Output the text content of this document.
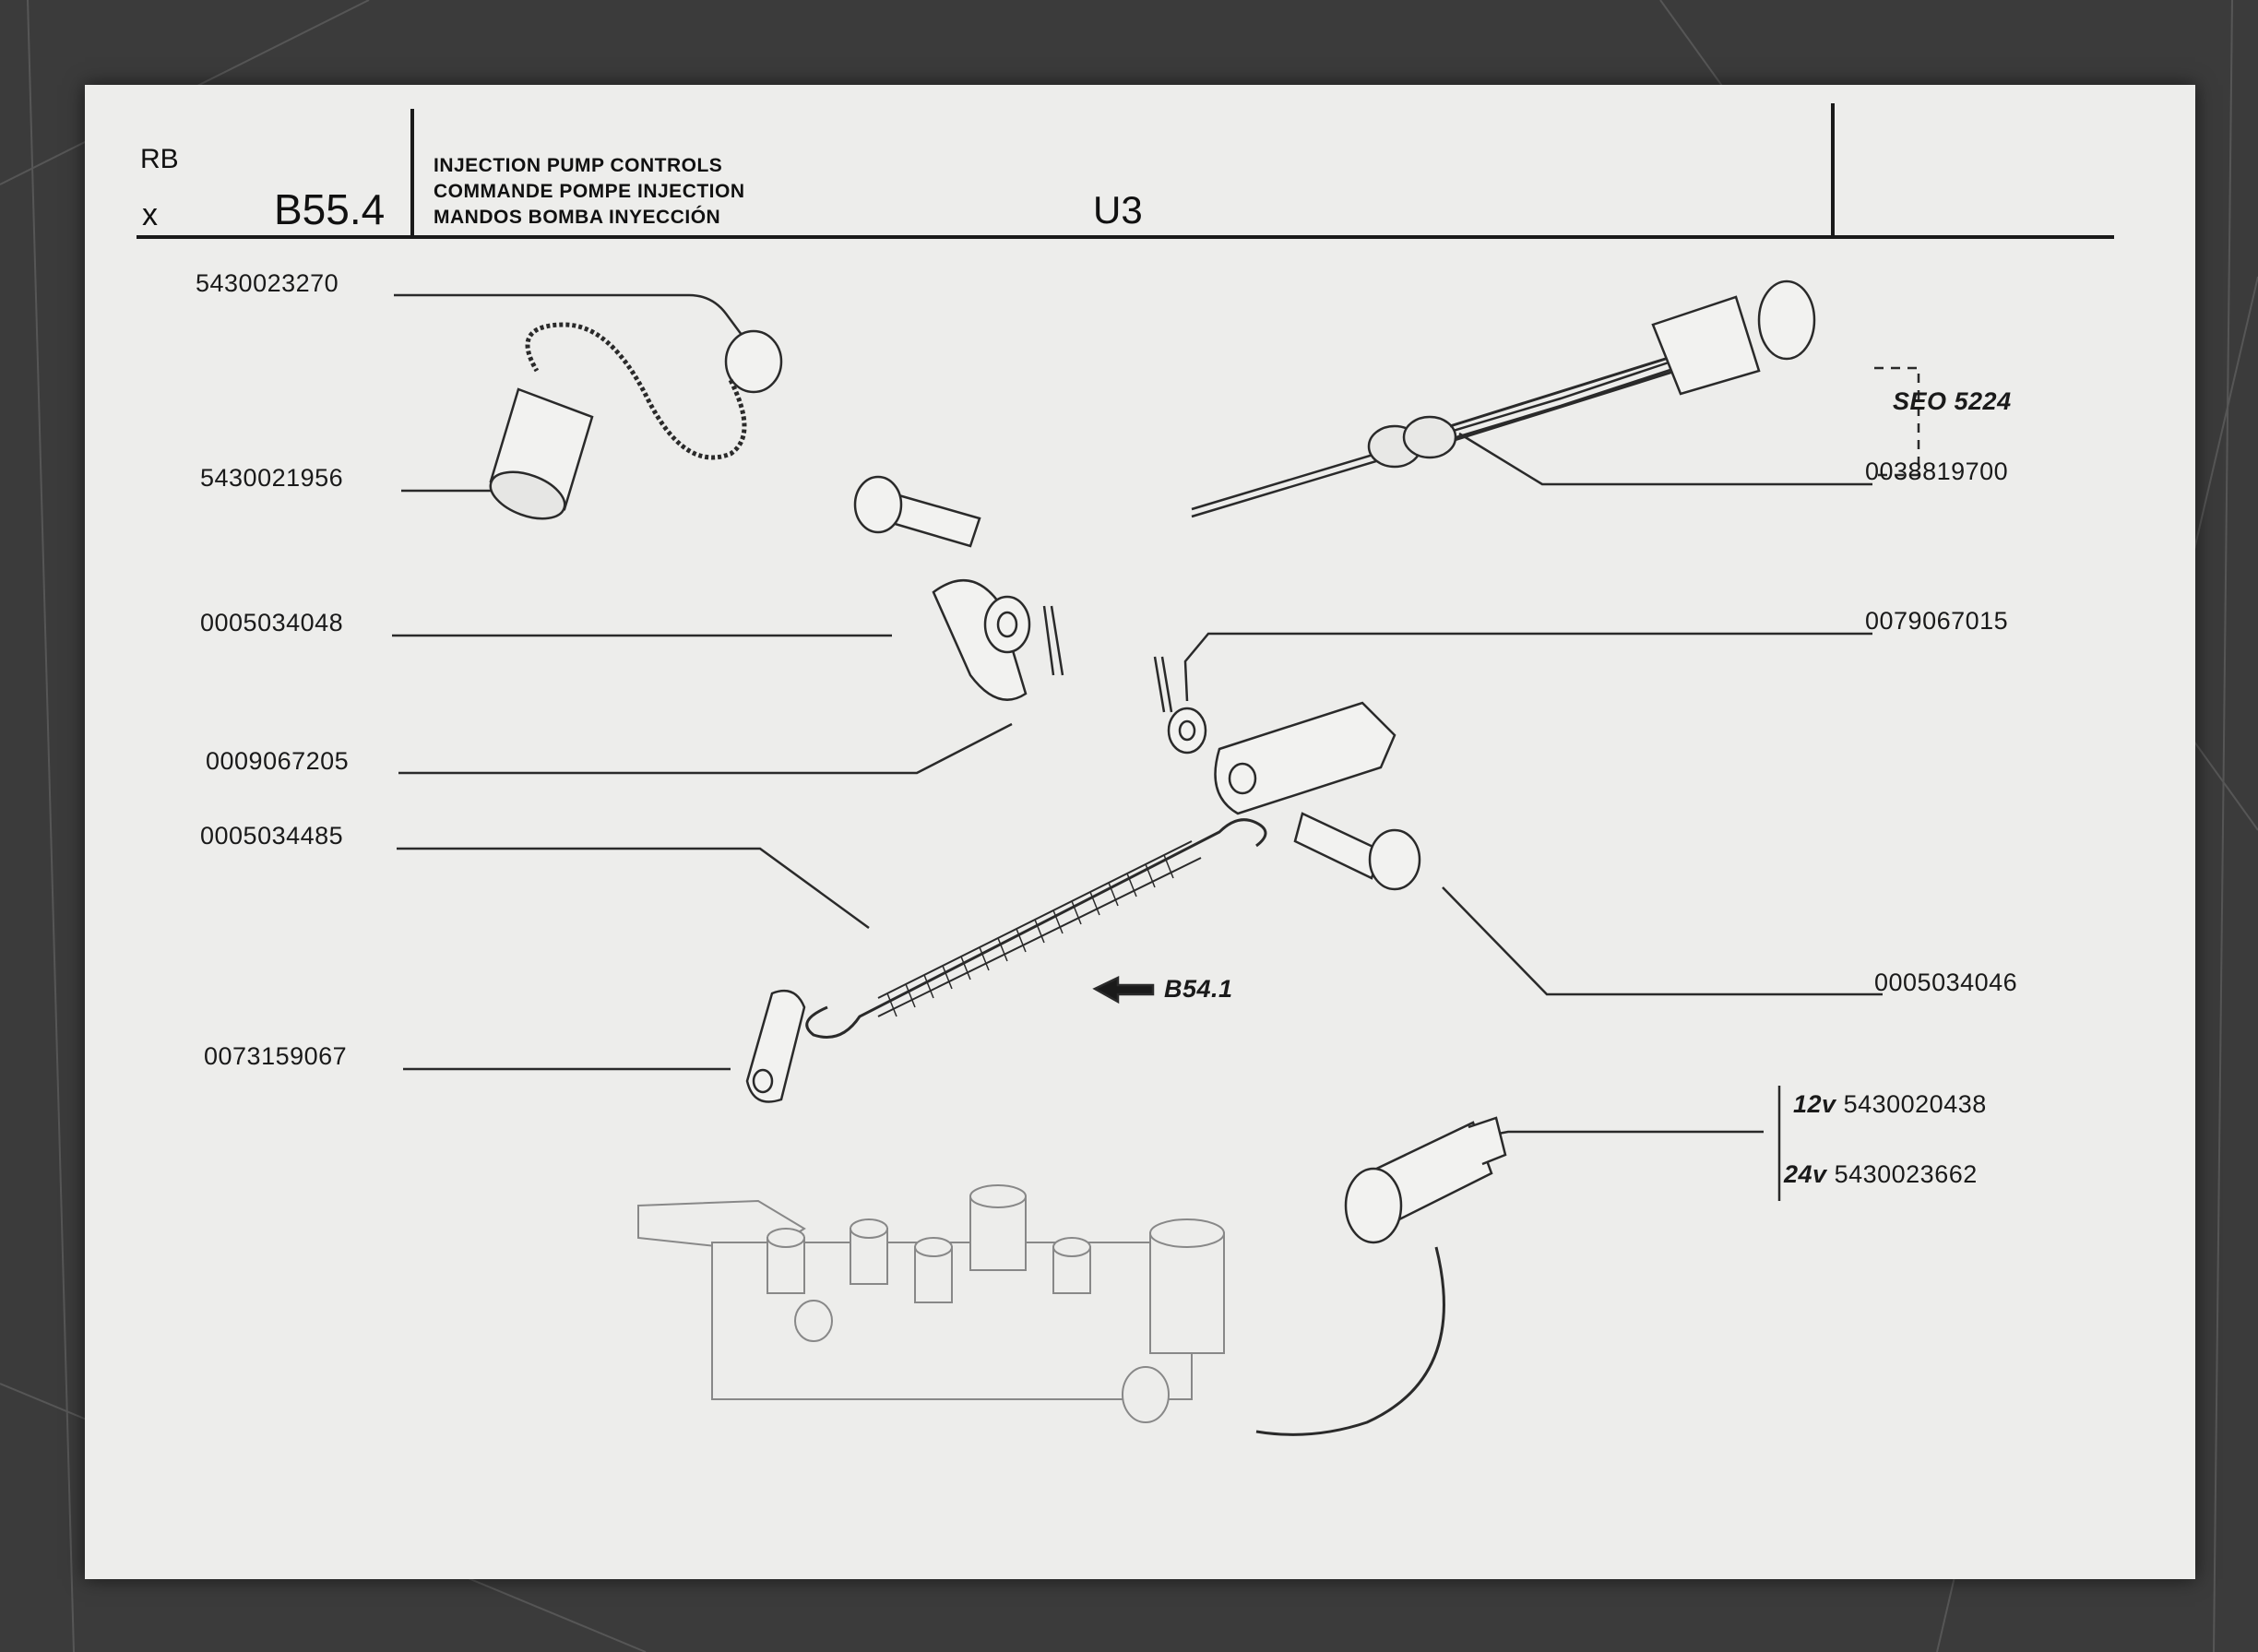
RB
x	B55.4
INJECTION PUMP CONTROLS
COMMANDE POMPE INJECTION
MANDOS BOMBA INYECCIÓN	U3
5430023270
5430021956
0005034048
0009067205
0005034485
0073159067
SEO 5224
0038819700
0079067015
0005034046
B54.1
12v 5430020438
24v 5430023662
